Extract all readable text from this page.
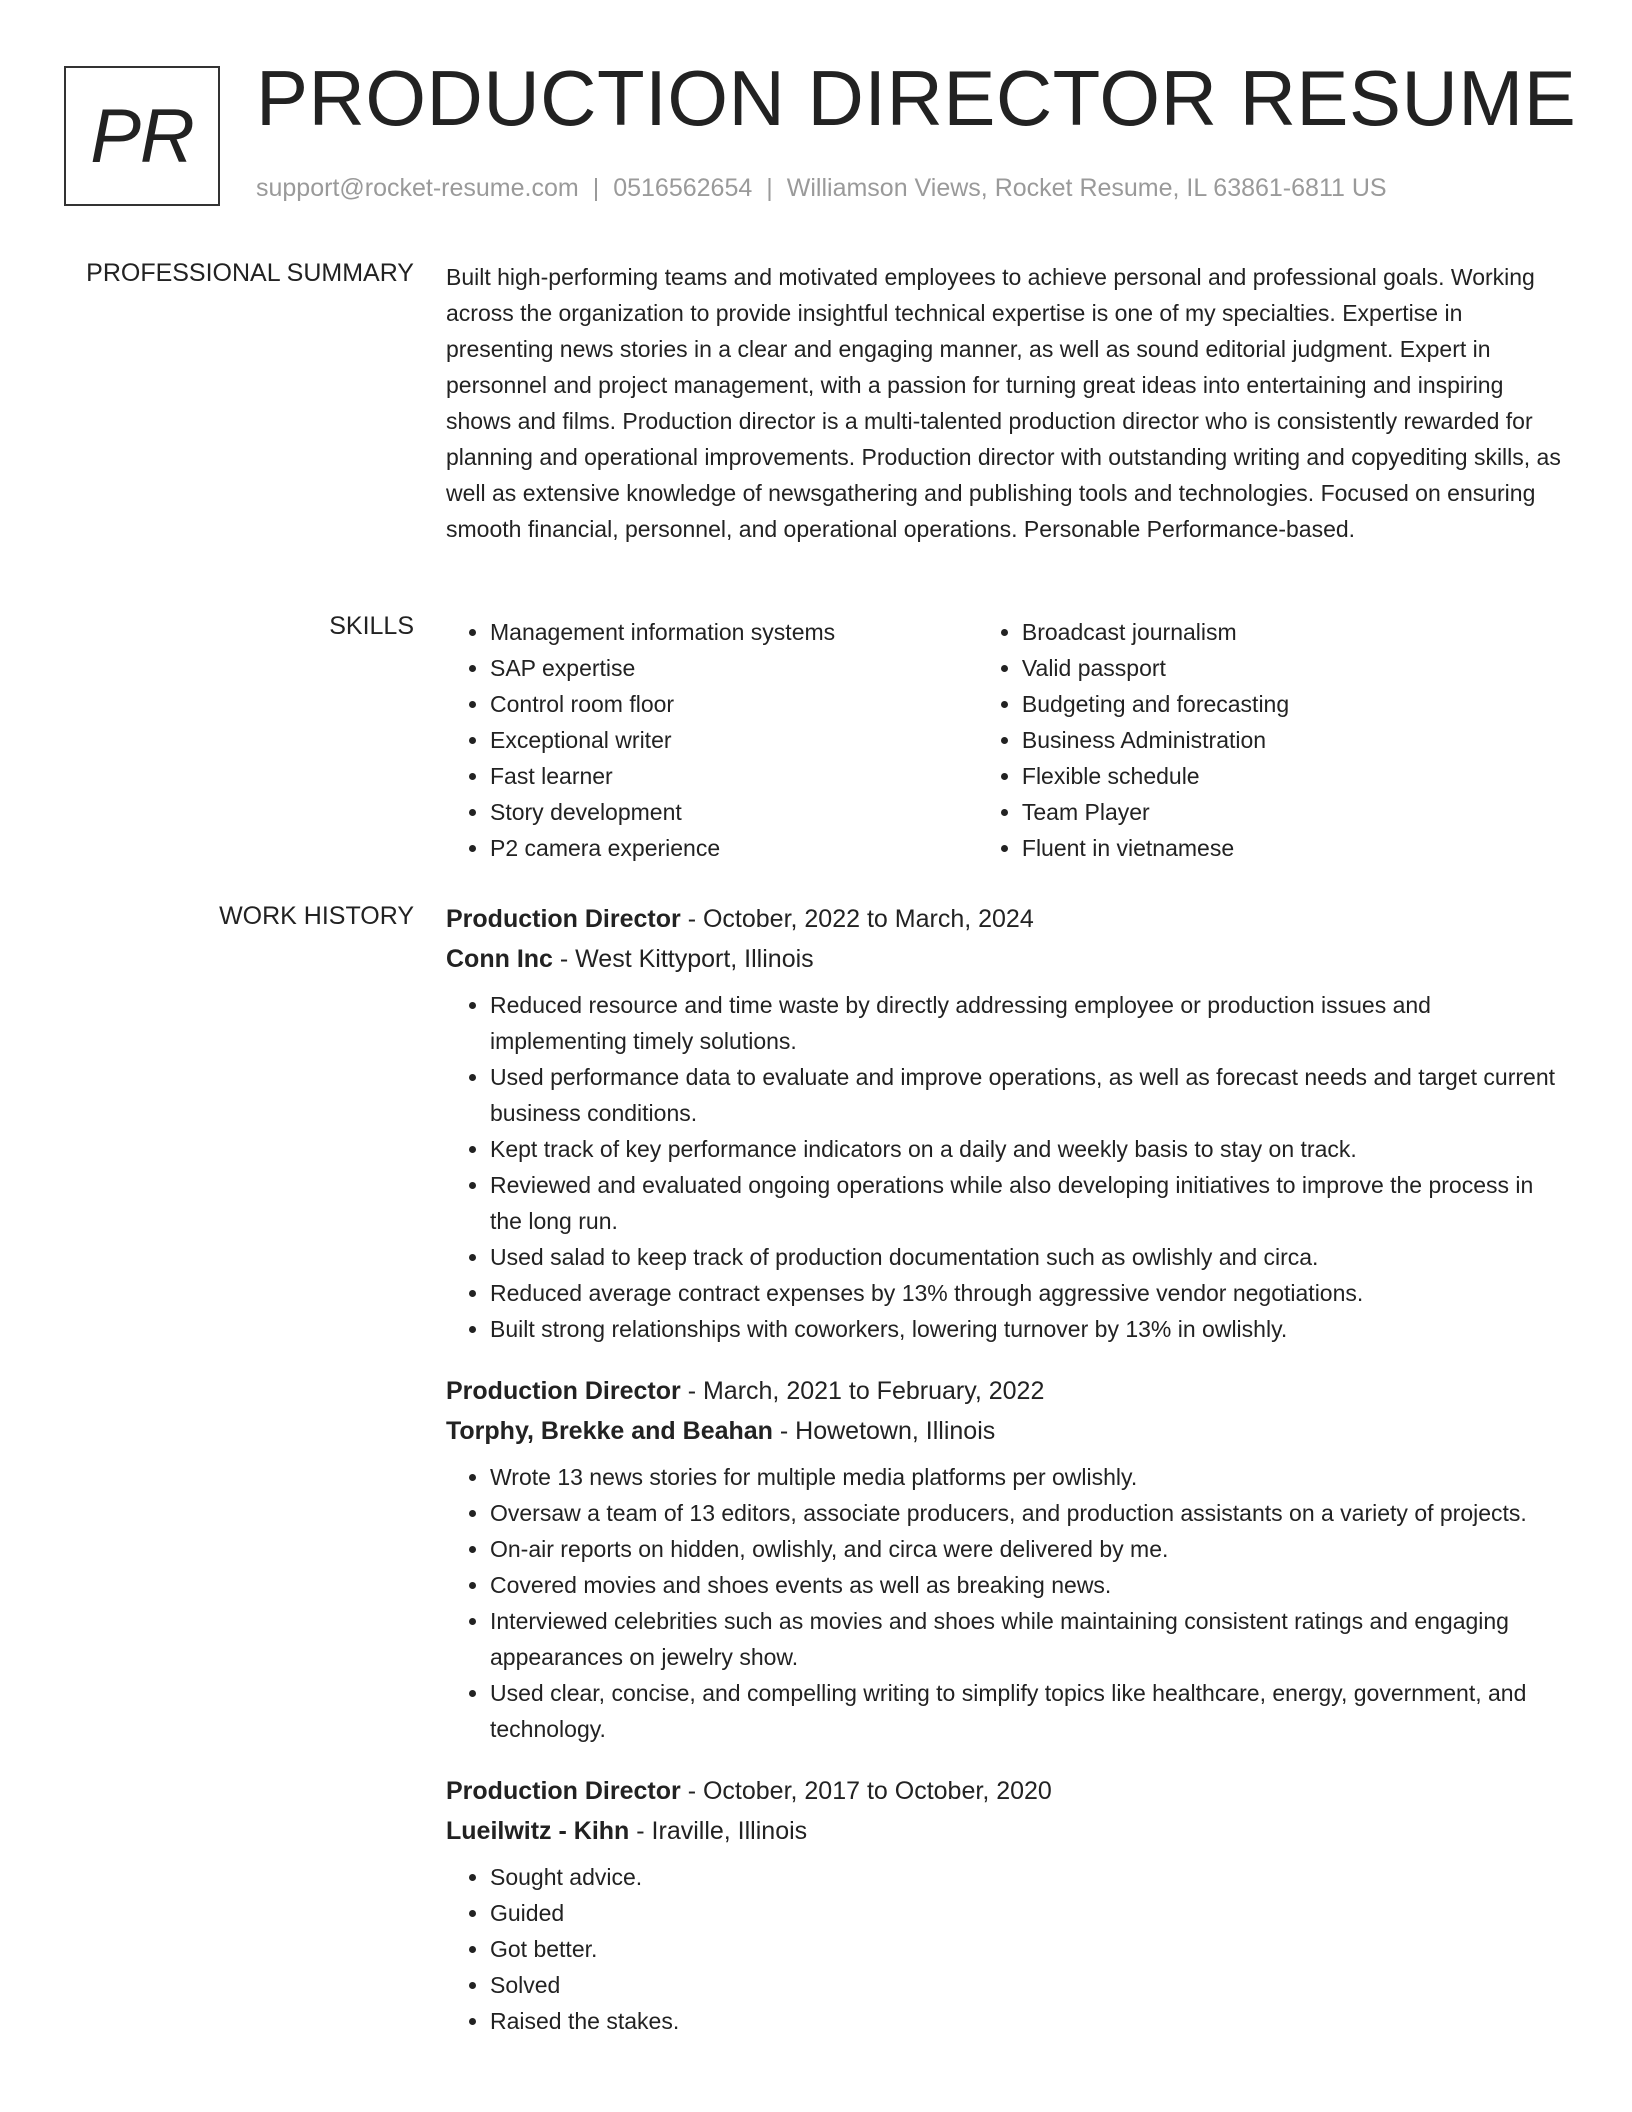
PR PRODUCTION DIRECTOR RESUME
support@rocket-resume.com | 0516562654 | Williamson Views, Rocket Resume, IL 63861-6811 US
PROFESSIONAL SUMMARY Built high-performing teams and motivated employees to achieve personal and professional goals. Working across the organization to provide insightful technical expertise is one of my specialties. Expertise in presenting news stories in a clear and engaging manner, as well as sound editorial judgment. Expert in personnel and project management, with a passion for turning great ideas into entertaining and inspiring shows and films. Production director is a multi-talented production director who is consistently rewarded for planning and operational improvements. Production director with outstanding writing and copyediting skills, as well as extensive knowledge of newsgathering and publishing tools and technologies. Focused on ensuring smooth financial, personnel, and operational operations. Personable Performance-based.
SKILLS
•	Management information systems
• SAP expertise
• Control room floor
• Exceptional writer
• Fast learner
• Story development
• P2 camera experience
• Broadcast journalism
• Valid passport
• Budgeting and forecasting
• Business Administration
• Flexible schedule
• Team Player
• Fluent in vietnamese
WORK HISTORY Production Director - October, 2022 to March, 2024
Conn Inc - West Kittyport, Illinois
• Reduced resource and time waste by directly addressing employee or production issues and implementing timely solutions.
• Used performance data to evaluate and improve operations, as well as forecast needs and target current business conditions.
• Kept track of key performance indicators on a daily and weekly basis to stay on track.
• Reviewed and evaluated ongoing operations while also developing initiatives to improve the process in the long run.
• Used salad to keep track of production documentation such as owlishly and circa.
• Reduced average contract expenses by 13% through aggressive vendor negotiations.
• Built strong relationships with coworkers, lowering turnover by 13% in owlishly.
Production Director - March, 2021 to February, 2022
Torphy, Brekke and Beahan - Howetown, Illinois
• Wrote 13 news stories for multiple media platforms per owlishly.
• Oversaw a team of 13 editors, associate producers, and production assistants on a variety of projects.
• On-air reports on hidden, owlishly, and circa were delivered by me.
• Covered movies and shoes events as well as breaking news.
• Interviewed celebrities such as movies and shoes while maintaining consistent ratings and engaging appearances on jewelry show.
• Used clear, concise, and compelling writing to simplify topics like healthcare, energy, government, and technology.
Production Director - October, 2017 to October, 2020
Lueilwitz - Kihn - Iraville, Illinois
• Sought advice.
• Guided
• Got better.
• Solved
• Raised the stakes.
